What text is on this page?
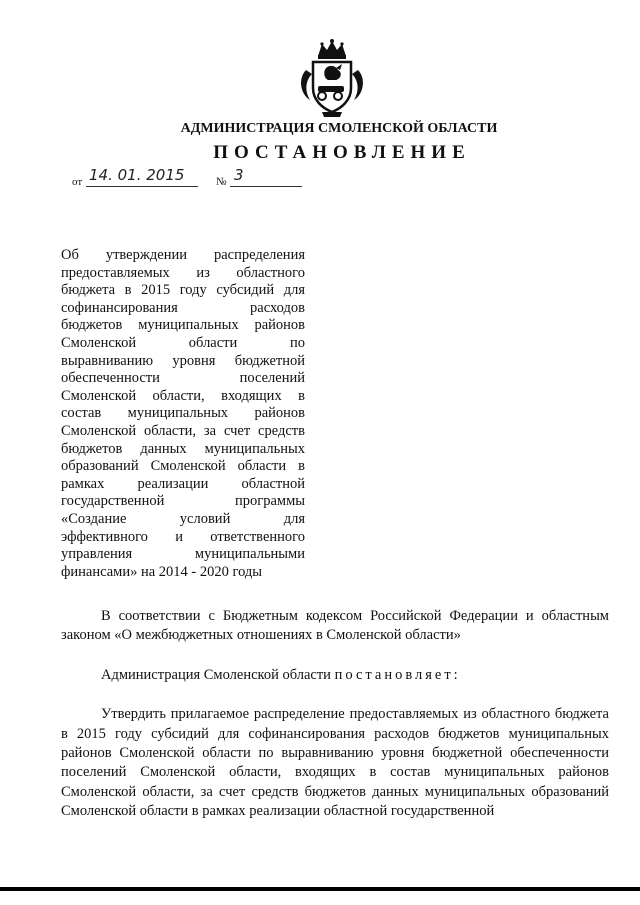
АДМИНИСТРАЦИЯ СМОЛЕНСКОЙ ОБЛАСТИ
ПОСТАНОВЛЕНИЕ
от 14. 01. 2015	№ 3
Об утверждении распределения
предоставляемых из областного
бюджета в 2015 году субсидий для
софинансирования расходов
бюджетов муниципальных районов
Смоленской области по
выравниванию уровня бюджетной
обеспеченности поселений
Смоленской области, входящих в
состав муниципальных районов
Смоленской области, за счет средств
бюджетов данных муниципальных
образований Смоленской области в
рамках реализации областной
государственной программы
«Создание условий для
эффективного и ответственного
управления муниципальными
финансами» на 2014 - 2020 годы

В соответствии с Бюджетным кодексом Российской Федерации и областным законом «О межбюджетных отношениях в Смоленской области»

Администрация Смоленской области постановляет:

Утвердить прилагаемое распределение предоставляемых из областного бюджета в 2015 году субсидий для софинансирования расходов бюджетов муниципальных районов Смоленской области по выравниванию уровня бюджетной обеспеченности поселений Смоленской области, входящих в состав муниципальных районов Смоленской области, за счет средств бюджетов данных муниципальных образований Смоленской области в рамках реализации областной государственной
